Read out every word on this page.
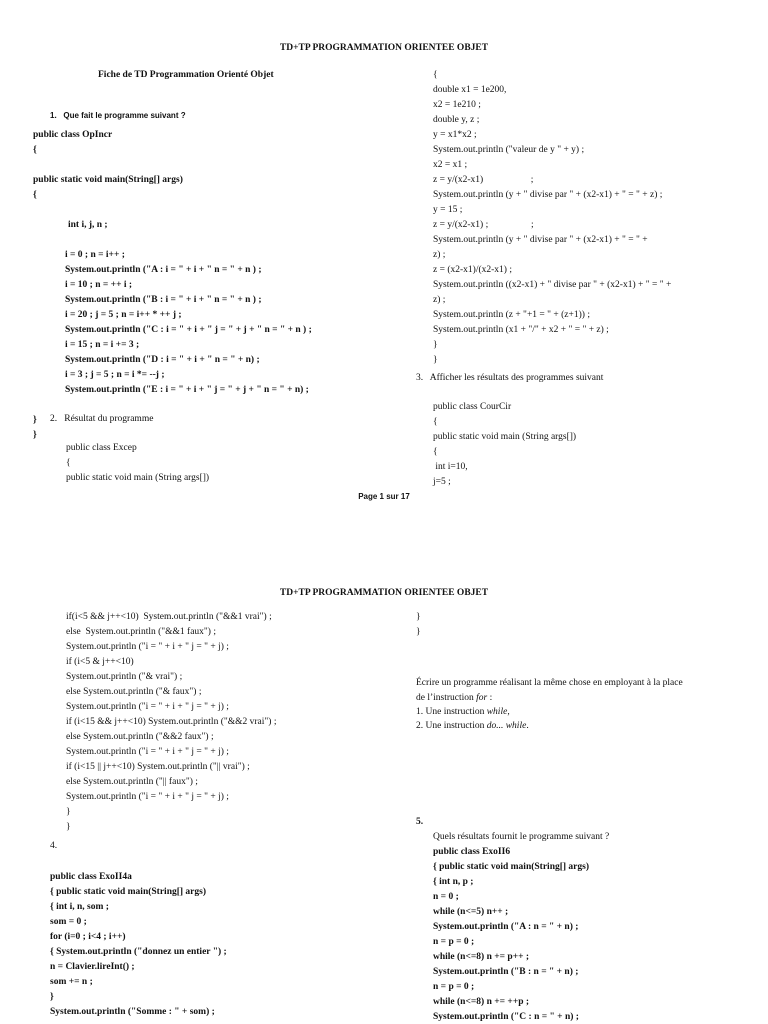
TD+TP PROGRAMMATION ORIENTEE OBJET
Fiche de TD Programmation Orienté Objet
1.   Que fait le programme suivant ?
public class OpIncr
{
public static void main(String[] args)
{
int i, j, n ;
i = 0 ; n = i++ ;
System.out.println ("A : i = " + i + " n = " + n ) ;
i = 10 ; n = ++ i ;
System.out.println ("B : i = " + i + " n = " + n ) ;
i = 20 ; j = 5 ; n = i++ * ++ j ;
System.out.println ("C : i = " + i + " j = " + j + " n = " + n ) ;
i = 15 ; n = i += 3 ;
System.out.println ("D : i = " + i + " n = " + n) ;
i = 3 ; j = 5 ; n = i *= --j ;
System.out.println ("E : i = " + i + " j = " + j + " n = " + n) ;
}
}
2.   Résultat du programme
public class Excep
{
public static void main (String args[])
{
double x1 = 1e200,
x2 = 1e210 ;
double y, z ;
y = x1*x2 ;
System.out.println ("valeur de y " + y) ;
x2 = x1 ;
z = y/(x2-x1)                    ;
System.out.println (y + " divise par " + (x2-x1) + " = " + z) ;
y = 15 ;
z = y/(x2-x1) ;                  ;
System.out.println (y + " divise par " + (x2-x1) + " = " +
z) ;
z = (x2-x1)/(x2-x1) ;
System.out.println ((x2-x1) + " divise par " + (x2-x1) + " = " +
z) ;
System.out.println (z + "+1 = " + (z+1)) ;
System.out.println (x1 + "/" + x2 + " = " + z) ;
}
}
3.   Afficher les résultats des programmes suivant
public class CourCir
{
public static void main (String args[])
{
int i=10,
j=5 ;
Page 1 sur 17
TD+TP PROGRAMMATION ORIENTEE OBJET
if(i<5 && j++<10)  System.out.println ("&&1 vrai") ;
else  System.out.println ("&&1 faux") ;
System.out.println ("i = " + i + " j = " + j) ;
if (i<5 & j++<10)
System.out.println ("& vrai") ;
else System.out.println ("& faux") ;
System.out.println ("i = " + i + " j = " + j) ;
if (i<15 && j++<10) System.out.println ("&&2 vrai") ;
else System.out.println ("&&2 faux") ;
System.out.println ("i = " + i + " j = " + j) ;
if (i<15 || j++<10) System.out.println ("|| vrai") ;
else System.out.println ("|| faux") ;
System.out.println ("i = " + i + " j = " + j) ;
}
}
4.
public class ExoII4a
{ public static void main(String[] args)
{ int i, n, som ;
som = 0 ;
for (i=0 ; i<4 ; i++)
{ System.out.println ("donnez un entier ") ;
n = Clavier.lireInt() ;
som += n ;
}
System.out.println ("Somme : " + som) ;
}
}
Écrire un programme réalisant la même chose en employant à la place
de l’instruction for :
1. Une instruction while,
2. Une instruction do... while.
5.
Quels résultats fournit le programme suivant ?
public class ExoII6
{ public static void main(String[] args)
{ int n, p ;
n = 0 ;
while (n<=5) n++ ;
System.out.println ("A : n = " + n) ;
n = p = 0 ;
while (n<=8) n += p++ ;
System.out.println ("B : n = " + n) ;
n = p = 0 ;
while (n<=8) n += ++p ;
System.out.println ("C : n = " + n) ;
